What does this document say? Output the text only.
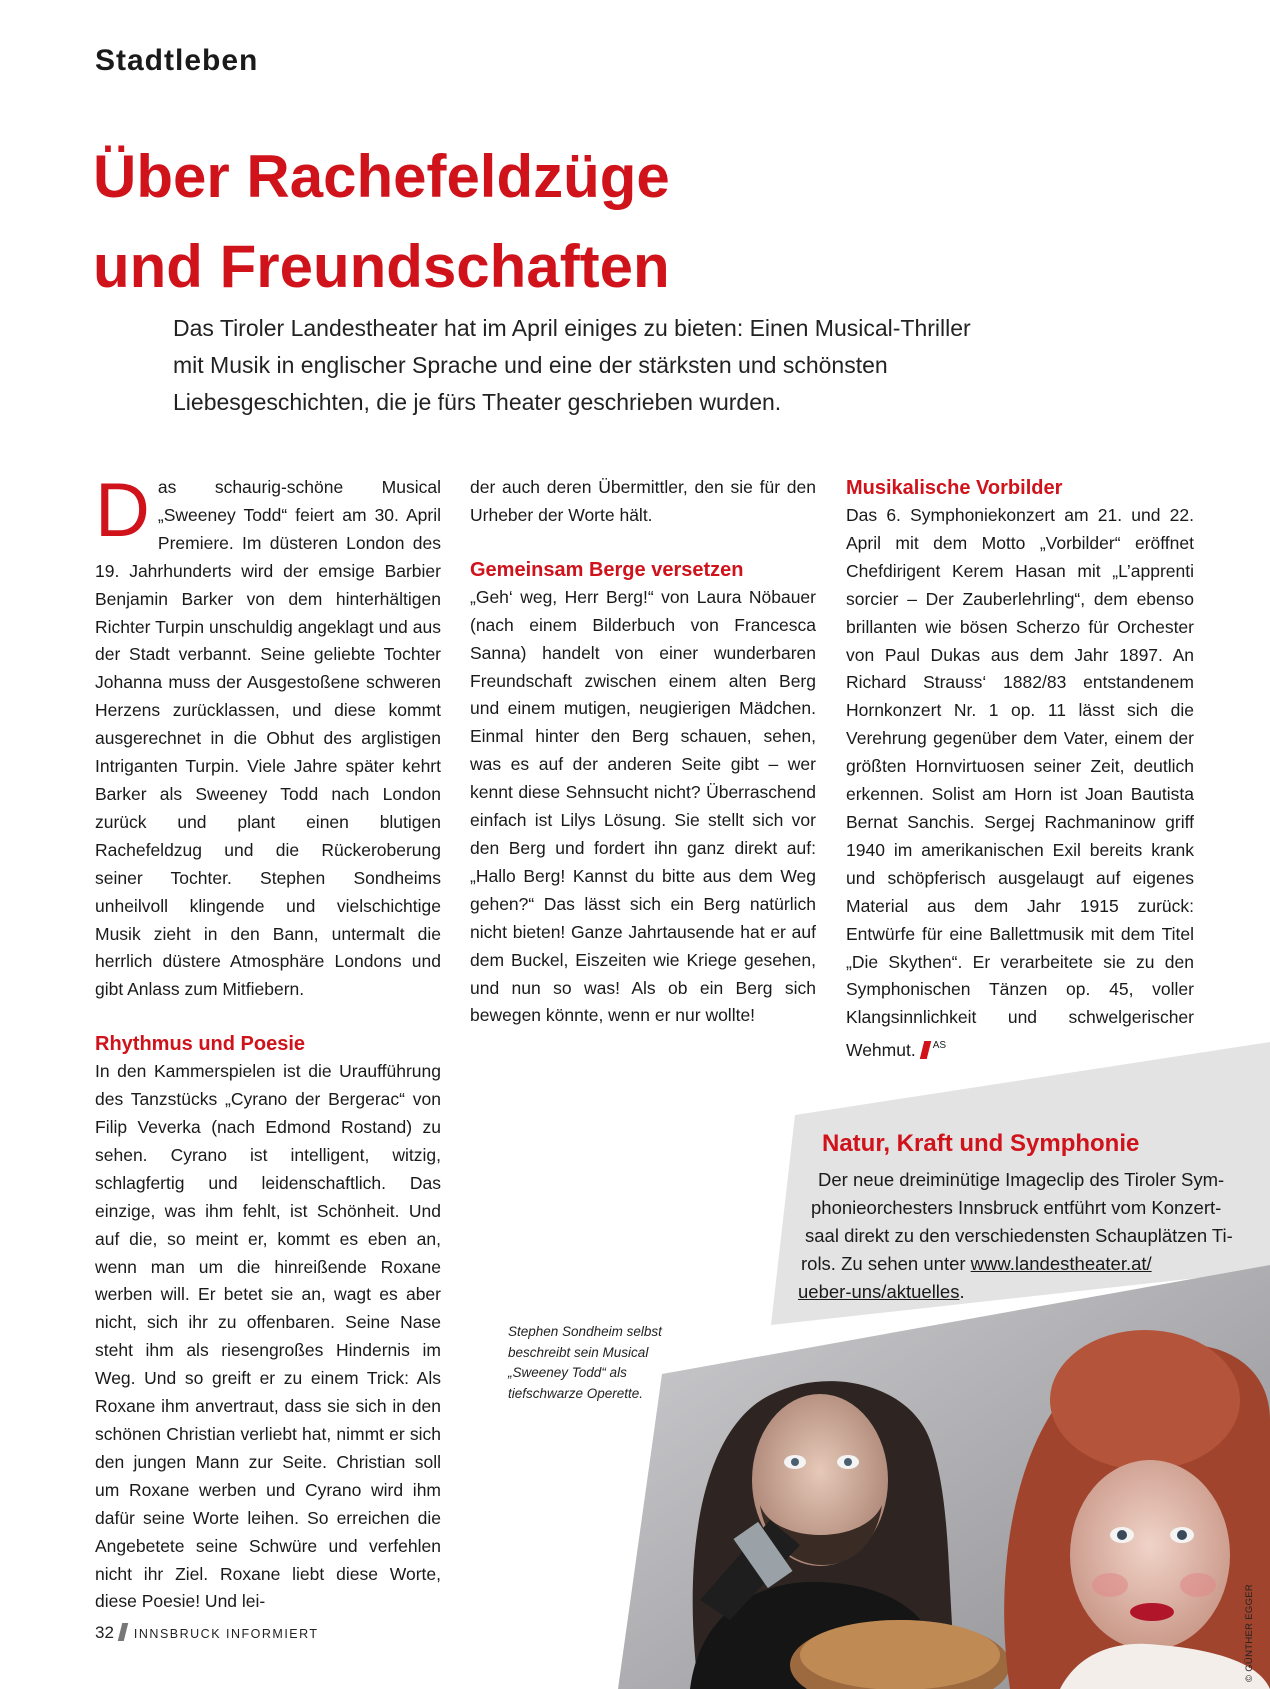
Stadtleben
Über Rachefeldzüge
und Freundschaften
Das Tiroler Landestheater hat im April einiges zu bieten: Einen Musical-Thriller mit Musik in englischer Sprache und eine der stärksten und schönsten Liebesgeschichten, die je fürs Theater geschrieben wurden.

Das schaurig-schöne Musical „Sweeney Todd“ feiert am 30. April Premiere. Im düsteren London des 19. Jahrhunderts wird der emsige Barbier Benjamin Barker von dem hinterhältigen Richter Turpin unschuldig angeklagt und aus der Stadt verbannt. Seine geliebte Tochter Johanna muss der Ausgestoßene schweren Herzens zurücklassen, und diese kommt ausgerechnet in die Obhut des arglistigen Intriganten Turpin. Viele Jahre später kehrt Barker als Sweeney Todd nach London zurück und plant einen blutigen Rachefeldzug und die Rückeroberung seiner Tochter. Stephen Sondheims unheilvoll klingende und vielschichtige Musik zieht in den Bann, untermalt die herrlich düstere Atmosphäre Londons und gibt Anlass zum Mitfiebern.

Rhythmus und Poesie

In den Kammerspielen ist die Uraufführung des Tanzstücks „Cyrano der Bergerac“ von Filip Veverka (nach Edmond Rostand) zu sehen. Cyrano ist intelligent, witzig, schlagfertig und leidenschaftlich. Das einzige, was ihm fehlt, ist Schönheit. Und auf die, so meint er, kommt es eben an, wenn man um die hinreißende Roxane werben will. Er betet sie an, wagt es aber nicht, sich ihr zu offenbaren. Seine Nase steht ihm als riesengroßes Hindernis im Weg. Und so greift er zu einem Trick: Als Roxane ihm anvertraut, dass sie sich in den schönen Christian verliebt hat, nimmt er sich den jungen Mann zur Seite. Christian soll um Roxane werben und Cyrano wird ihm dafür seine Worte leihen. So erreichen die Angebetete seine Schwüre und verfehlen nicht ihr Ziel. Roxane liebt diese Worte, diese Poesie! Und lei-

der auch deren Übermittler, den sie für den Urheber der Worte hält.

Gemeinsam Berge versetzen

„Geh‘ weg, Herr Berg!“ von Laura Nöbauer (nach einem Bilderbuch von Francesca Sanna) handelt von einer wunderbaren Freundschaft zwischen einem alten Berg und einem mutigen, neugierigen Mädchen. Einmal hinter den Berg schauen, sehen, was es auf der anderen Seite gibt – wer kennt diese Sehnsucht nicht? Überraschend einfach ist Lilys Lösung. Sie stellt sich vor den Berg und fordert ihn ganz direkt auf: „Hallo Berg! Kannst du bitte aus dem Weg gehen?“ Das lässt sich ein Berg natürlich nicht bieten! Ganze Jahrtausende hat er auf dem Buckel, Eiszeiten wie Kriege gesehen, und nun so was! Als ob ein Berg sich bewegen könnte, wenn er nur wollte!

Musikalische Vorbilder

Das 6. Symphoniekonzert am 21. und 22. April mit dem Motto „Vorbilder“ eröffnet Chefdirigent Kerem Hasan mit „L’apprenti sorcier – Der Zauberlehrling“, dem ebenso brillanten wie bösen Scherzo für Orchester von Paul Dukas aus dem Jahr 1897. An Richard Strauss‘ 1882/83 entstandenem Hornkonzert Nr. 1 op. 11 lässt sich die Verehrung gegenüber dem Vater, einem der größten Hornvirtuosen seiner Zeit, deutlich erkennen. Solist am Horn ist Joan Bautista Bernat Sanchis. Sergej Rachmaninow griff 1940 im amerikanischen Exil bereits krank und schöpferisch ausgelaugt auf eigenes Material aus dem Jahr 1915 zurück: Entwürfe für eine Ballettmusik mit dem Titel „Die Skythen“. Er verarbeitete sie zu den Symphonischen Tänzen op. 45, voller Klangsinnlichkeit und schwelgerischer Wehmut. $^{AS}$

Natur, Kraft und Symphonie
Der neue dreiminütige Imageclip des Tiroler Sym-
phonieorchesters Innsbruck entführt vom Konzert-
saal direkt zu den verschiedensten Schauplätzen Ti-
rols. Zu sehen unter www.landestheater.at/
ueber-uns/aktuelles.
Stephen Sondheim selbst beschreibt sein Musical „Sweeney Todd“ als tiefschwarze Operette.
© GÜNTHER EGGER
32 INNSBRUCK INFORMIERT
